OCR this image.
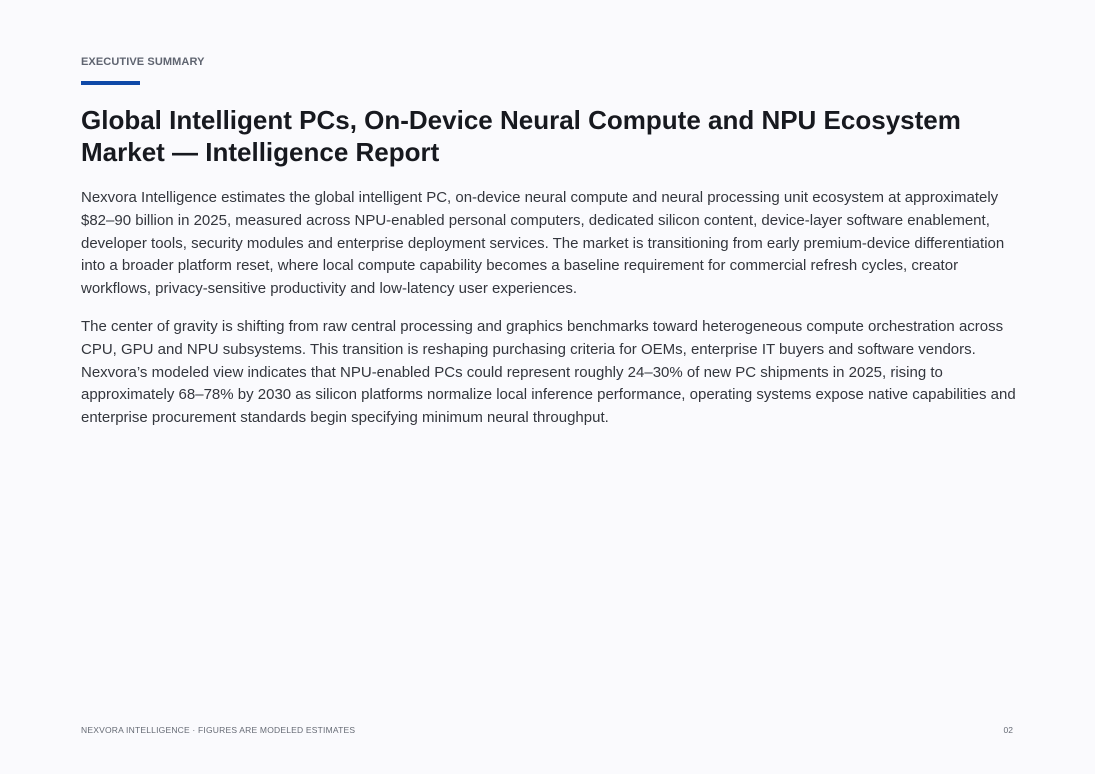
EXECUTIVE SUMMARY
Global Intelligent PCs, On-Device Neural Compute and NPU Ecosystem Market — Intelligence Report

Nexvora Intelligence estimates the global intelligent PC, on-device neural compute and neural processing unit ecosystem at approximately $82–90 billion in 2025, measured across NPU-enabled personal computers, dedicated silicon content, device-layer software enablement, developer tools, security modules and enterprise deployment services. The market is transitioning from early premium-device differentiation into a broader platform reset, where local compute capability becomes a baseline requirement for commercial refresh cycles, creator workflows, privacy-sensitive productivity and low-latency user experiences.

The center of gravity is shifting from raw central processing and graphics benchmarks toward heterogeneous compute orchestration across CPU, GPU and NPU subsystems. This transition is reshaping purchasing criteria for OEMs, enterprise IT buyers and software vendors. Nexvora’s modeled view indicates that NPU-enabled PCs could represent roughly 24–30% of new PC shipments in 2025, rising to approximately 68–78% by 2030 as silicon platforms normalize local inference performance, operating systems expose native capabilities and enterprise procurement standards begin specifying minimum neural throughput.

NEXVORA INTELLIGENCE · FIGURES ARE MODELED ESTIMATES	02
